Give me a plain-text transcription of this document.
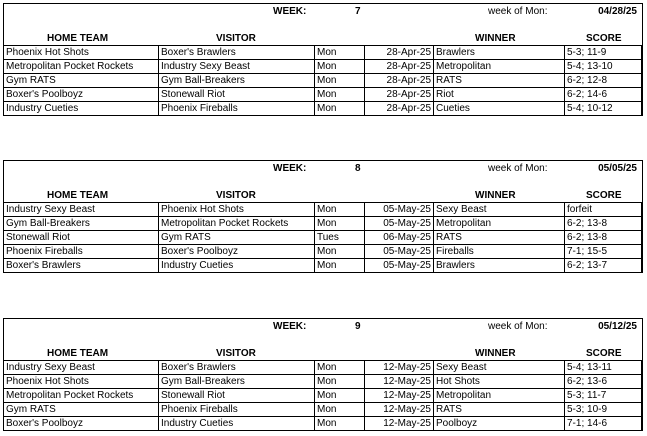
WEEK:	7	week of Mon:	04/28/25
HOME TEAM	VISITOR	WINNER	SCORE
Phoenix Hot Shots	Boxer's Brawlers	Mon	28-Apr-25	Brawlers	5-3; 11-9
Metropolitan Pocket Rockets	Industry Sexy Beast	Mon	28-Apr-25	Metropolitan	5-4; 13-10
Gym RATS	Gym Ball-Breakers	Mon	28-Apr-25	RATS	6-2; 12-8
Boxer's Poolboyz	Stonewall Riot	Mon	28-Apr-25	Riot	6-2; 14-6
Industry Cueties	Phoenix Fireballs	Mon	28-Apr-25	Cueties	5-4; 10-12
WEEK:	8	week of Mon:	05/05/25
HOME TEAM	VISITOR	WINNER	SCORE
Industry Sexy Beast	Phoenix Hot Shots	Mon	05-May-25	Sexy Beast	forfeit
Gym Ball-Breakers	Metropolitan Pocket Rockets	Mon	05-May-25	Metropolitan	6-2; 13-8
Stonewall Riot	Gym RATS	Tues	06-May-25	RATS	6-2; 13-8
Phoenix Fireballs	Boxer's Poolboyz	Mon	05-May-25	Fireballs	7-1; 15-5
Boxer's Brawlers	Industry Cueties	Mon	05-May-25	Brawlers	6-2; 13-7
WEEK:	9	week of Mon:	05/12/25
HOME TEAM	VISITOR	WINNER	SCORE
Industry Sexy Beast	Boxer's Brawlers	Mon	12-May-25	Sexy Beast	5-4; 13-11
Phoenix Hot Shots	Gym Ball-Breakers	Mon	12-May-25	Hot Shots	6-2; 13-6
Metropolitan Pocket Rockets	Stonewall Riot	Mon	12-May-25	Metropolitan	5-3; 11-7
Gym RATS	Phoenix Fireballs	Mon	12-May-25	RATS	5-3; 10-9
Boxer's Poolboyz	Industry Cueties	Mon	12-May-25	Poolboyz	7-1; 14-6
